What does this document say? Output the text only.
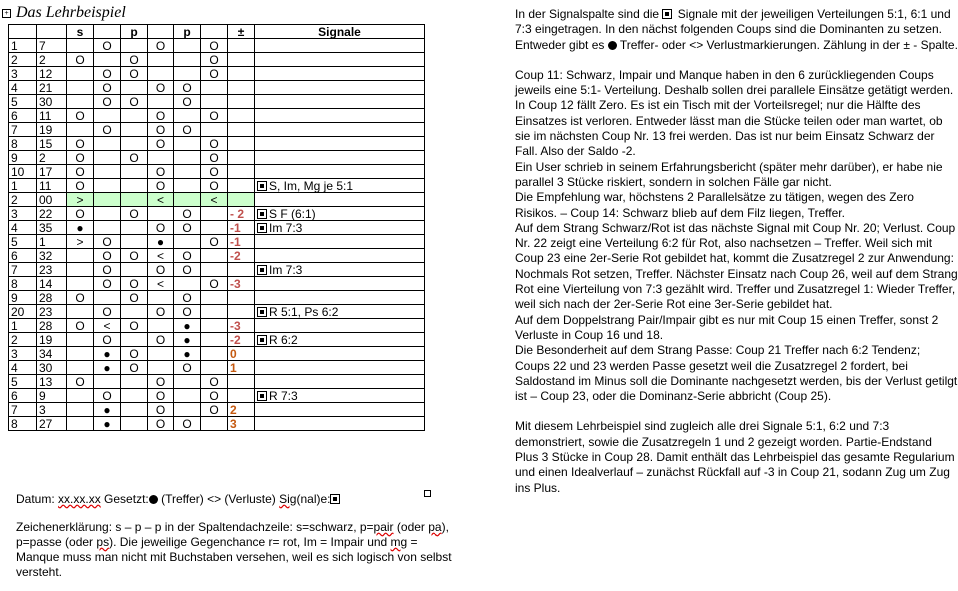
+ Das Lehrbeispiel
		s		p		p		±	Signale
1	7		O		O		O		
2	2	O		O			O		
3	12		O	O			O		
4	21		O		O	O			
5	30		O	O		O			
6	11	O			O		O		
7	19		O		O	O			
8	15	O			O		O		
9	2	O		O			O		
10	17	O			O		O		
1	11	O			O		O		S, Im, Mg je 5:1
2	00	>			<		<		
3	22	O		O		O		- 2	S F (6:1)
4	35	●			O	O		-1	Im 7:3
5	1	>	O		●		O	-1	
6	32		O	O	<	O		-2	
7	23		O		O	O			Im 7:3
8	14		O	O	<		O	-3	
9	28	O		O		O			
20	23		O		O	O			R 5:1, Ps 6:2
1	28	O	<	O		●		-3	
2	19		O		O	●		-2	R 6:2
3	34		●	O		●		0	
4	30		●	O		O		1	
5	13	O			O		O		
6	9		O		O		O		R 7:3
7	3		●		O		O	2	
8	27		●		O	O		3	
Datum: xx.xx.xx Gesetzt: (Treffer) <> (Verluste) Sig(nal)e:
Zeichenerklärung: s – p – p in der Spaltendachzeile: s=schwarz, p=pair (oder pa), p=passe (oder ps). Die jeweilige Gegenchance r= rot, Im = Impair und mg = Manque muss man nicht mit Buchstaben versehen, weil es sich logisch von selbst versteht.

In der Signalspalte sind die  Signale mit der jeweiligen Verteilungen 5:1, 6:1 und 7:3 eingetragen. In den nächst folgenden Coups sind die Dominanten zu setzen. Entweder gibt es  Treffer- oder <> Verlustmarkierungen. Zählung in der ± - Spalte.

Coup 11: Schwarz, Impair und Manque haben in den 6 zurückliegenden Coups jeweils eine 5:1- Verteilung. Deshalb sollen drei parallele Einsätze getätigt werden. In Coup 12 fällt Zero. Es ist ein Tisch mit der Vorteilsregel; nur die Hälfte des Einsatzes ist verloren. Entweder lässt man die Stücke teilen oder man wartet, ob sie im nächsten Coup Nr. 13 frei werden. Das ist nur beim Einsatz Schwarz der Fall. Also der Saldo -2.

Ein User schrieb in seinem Erfahrungsbericht (später mehr darüber), er habe nie parallel 3 Stücke riskiert, sondern in solchen Fälle gar nicht.

Die Empfehlung war, höchstens 2 Parallelsätze zu tätigen, wegen des Zero Risikos. – Coup 14: Schwarz blieb auf dem Filz liegen, Treffer.

Auf dem Strang Schwarz/Rot ist das nächste Signal mit Coup Nr. 20; Verlust. Coup Nr. 22 zeigt eine Verteilung 6:2 für Rot, also nachsetzen – Treffer. Weil sich mit Coup 23 eine 2er-Serie Rot gebildet hat, kommt die Zusatzregel 2 zur Anwendung: Nochmals Rot setzen, Treffer. Nächster Einsatz nach Coup 26, weil auf dem Strang Rot eine Vierteilung von 7:3 gezählt wird. Treffer und Zusatzregel 1: Wieder Treffer, weil sich nach der 2er-Serie Rot eine 3er-Serie gebildet hat.

Auf dem Doppelstrang Pair/Impair gibt es nur mit Coup 15 einen Treffer, sonst 2 Verluste in Coup 16 und 18.

Die Besonderheit auf dem Strang Passe: Coup 21 Treffer nach 6:2 Tendenz; Coups 22 und 23 werden Passe gesetzt weil die Zusatzregel 2 fordert, bei Saldostand im Minus soll die Dominante nachgesetzt werden, bis der Verlust getilgt ist – Coup 23, oder die Dominanz-Serie abbricht (Coup 25).

Mit diesem Lehrbeispiel sind zugleich alle drei Signale 5:1, 6:2 und 7:3 demonstriert, sowie die Zusatzregeln 1 und 2 gezeigt worden. Partie-Endstand Plus 3 Stücke in Coup 28. Damit enthält das Lehrbeispiel das gesamte Regularium und einen Idealverlauf – zunächst Rückfall auf -3 in Coup 21, sodann Zug um Zug ins Plus.
